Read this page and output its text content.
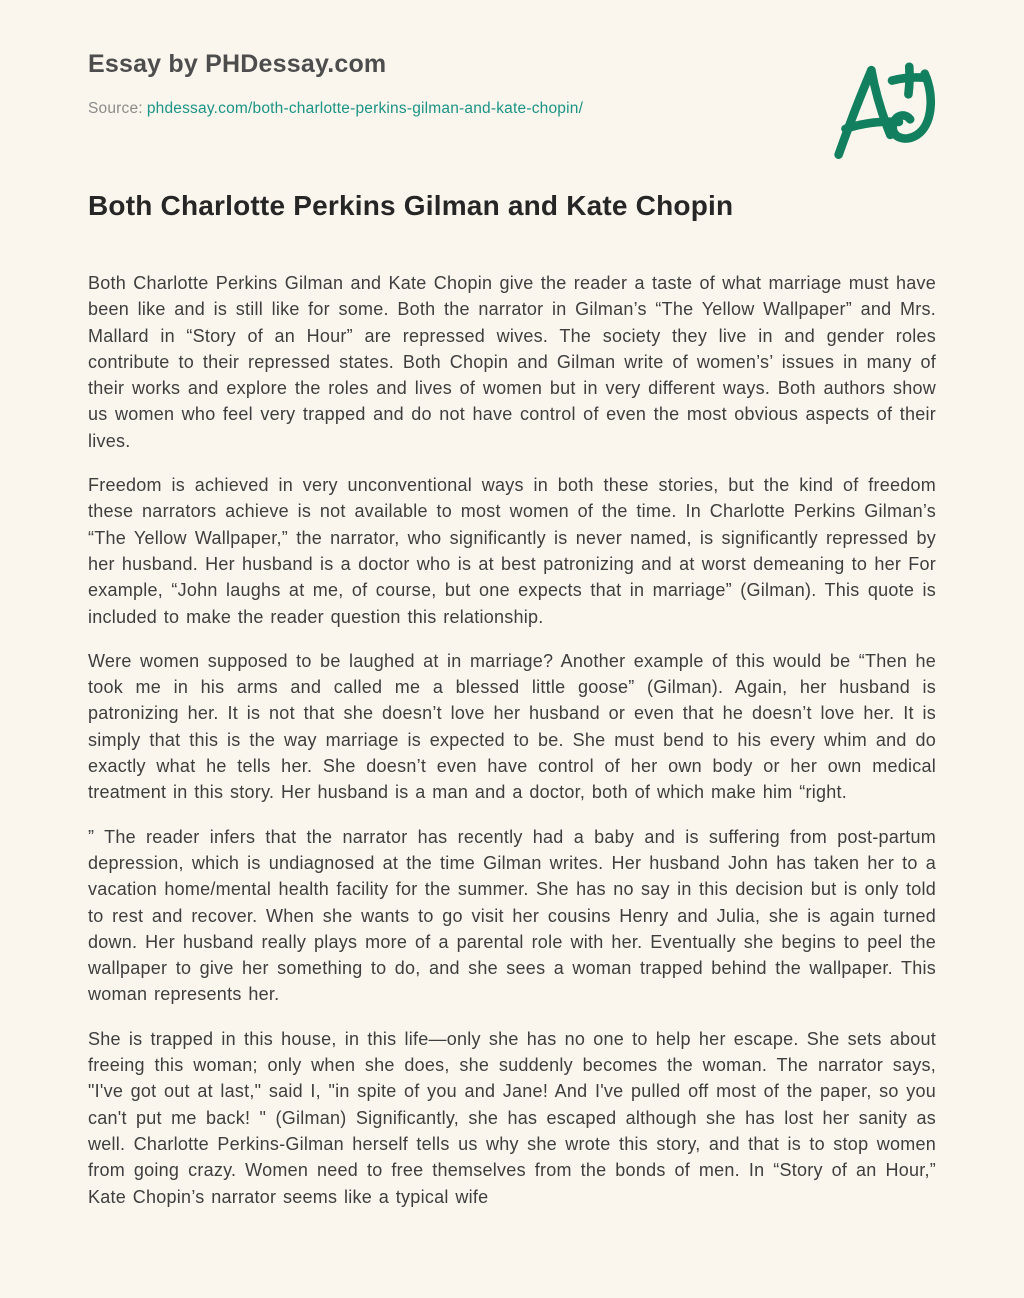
Essay by PHDessay.com
Source: phdessay.com/both-charlotte-perkins-gilman-and-kate-chopin/
Both Charlotte Perkins Gilman and Kate Chopin

Both Charlotte Perkins Gilman and Kate Chopin give the reader a taste of what marriage must have been like and is still like for some. Both the narrator in Gilman’s “The Yellow Wallpaper” and Mrs. Mallard in “Story of an Hour” are repressed wives. The society they live in and gender roles contribute to their repressed states. Both Chopin and Gilman write of women’s’ issues in many of their works and explore the roles and lives of women but in very different ways. Both authors show us women who feel very trapped and do not have control of even the most obvious aspects of their lives.

Freedom is achieved in very unconventional ways in both these stories, but the kind of freedom these narrators achieve is not available to most women of the time. In Charlotte Perkins Gilman’s “The Yellow Wallpaper,” the narrator, who significantly is never named, is significantly repressed by her husband. Her husband is a doctor who is at best patronizing and at worst demeaning to her For example, “John laughs at me, of course, but one expects that in marriage” (Gilman). This quote is included to make the reader question this relationship.

Were women supposed to be laughed at in marriage? Another example of this would be “Then he took me in his arms and called me a blessed little goose” (Gilman). Again, her husband is patronizing her. It is not that she doesn’t love her husband or even that he doesn’t love her. It is simply that this is the way marriage is expected to be. She must bend to his every whim and do exactly what he tells her. She doesn’t even have control of her own body or her own medical treatment in this story. Her husband is a man and a doctor, both of which make him “right.

” The reader infers that the narrator has recently had a baby and is suffering from post-partum depression, which is undiagnosed at the time Gilman writes. Her husband John has taken her to a vacation home/mental health facility for the summer. She has no say in this decision but is only told to rest and recover. When she wants to go visit her cousins Henry and Julia, she is again turned down. Her husband really plays more of a parental role with her. Eventually she begins to peel the wallpaper to give her something to do, and she sees a woman trapped behind the wallpaper. This woman represents her.

She is trapped in this house, in this life—only she has no one to help her escape. She sets about freeing this woman; only when she does, she suddenly becomes the woman. The narrator says, "I've got out at last," said I, "in spite of you and Jane! And I've pulled off most of the paper, so you can't put me back! " (Gilman) Significantly, she has escaped although she has lost her sanity as well. Charlotte Perkins-Gilman herself tells us why she wrote this story, and that is to stop women from going crazy. Women need to free themselves from the bonds of men. In “Story of an Hour,” Kate Chopin’s narrator seems like a typical wife
